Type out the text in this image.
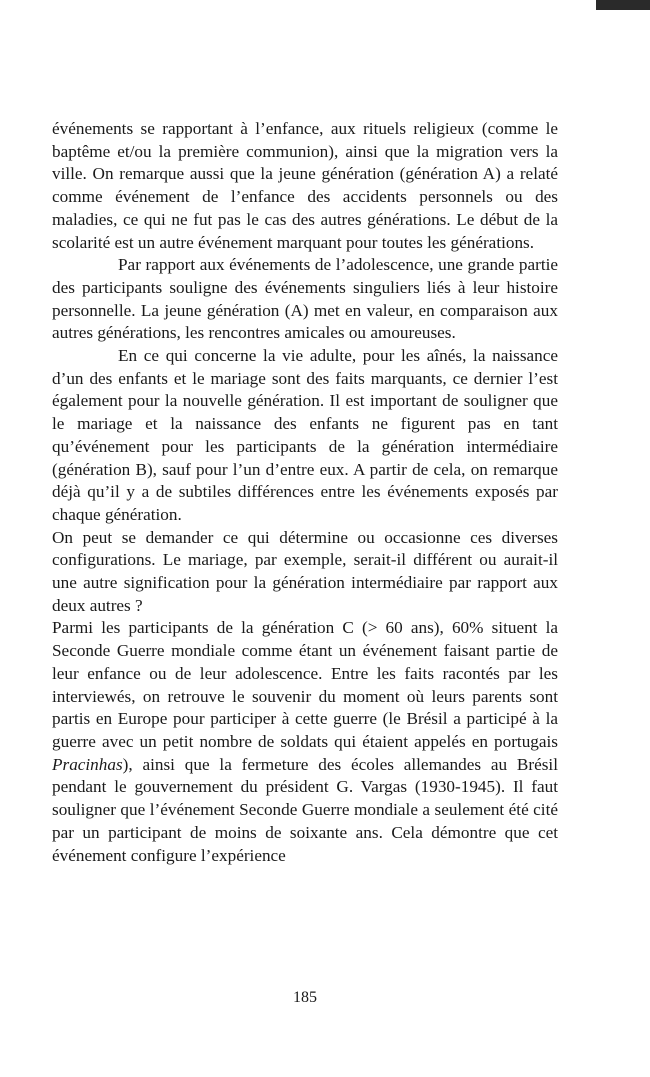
événements se rapportant à l’enfance, aux rituels religieux (comme le baptême et/ou la première communion), ainsi que la migration vers la ville. On remarque aussi que la jeune génération (génération A) a relaté comme événement de l’enfance des accidents personnels ou des maladies, ce qui ne fut pas le cas des autres générations. Le début de la scolarité est un autre événement marquant pour toutes les générations.

Par rapport aux événements de l’adolescence, une grande partie des participants souligne des événements singuliers liés à leur histoire personnelle. La jeune génération (A) met en valeur, en comparaison aux autres générations, les rencontres amicales ou amoureuses.

En ce qui concerne la vie adulte, pour les aînés, la naissance d’un des enfants et le mariage sont des faits marquants, ce dernier l’est également pour la nouvelle génération. Il est important de souligner que le mariage et la naissance des enfants ne figurent pas en tant qu’événement pour les participants de la génération intermédiaire (génération B), sauf pour l’un d’entre eux. A partir de cela, on remarque déjà qu’il y a de subtiles différences entre les événements exposés par chaque génération.

On peut se demander ce qui détermine ou occasionne ces diverses configurations. Le mariage, par exemple, serait-il différent ou aurait-il une autre signification pour la génération intermédiaire par rapport aux deux autres ?

Parmi les participants de la génération C (> 60 ans), 60% situent la Seconde Guerre mondiale comme étant un événement faisant partie de leur enfance ou de leur adolescence. Entre les faits racontés par les interviewés, on retrouve le souvenir du moment où leurs parents sont partis en Europe pour participer à cette guerre (le Brésil a participé à la guerre avec un petit nombre de soldats qui étaient appelés en portugais Pracinhas), ainsi que la fermeture des écoles allemandes au Brésil pendant le gouvernement du président G. Vargas (1930-1945). Il faut souligner que l’événement Seconde Guerre mondiale a seulement été cité par un participant de moins de soixante ans. Cela démontre que cet événement configure l’expérience

185
